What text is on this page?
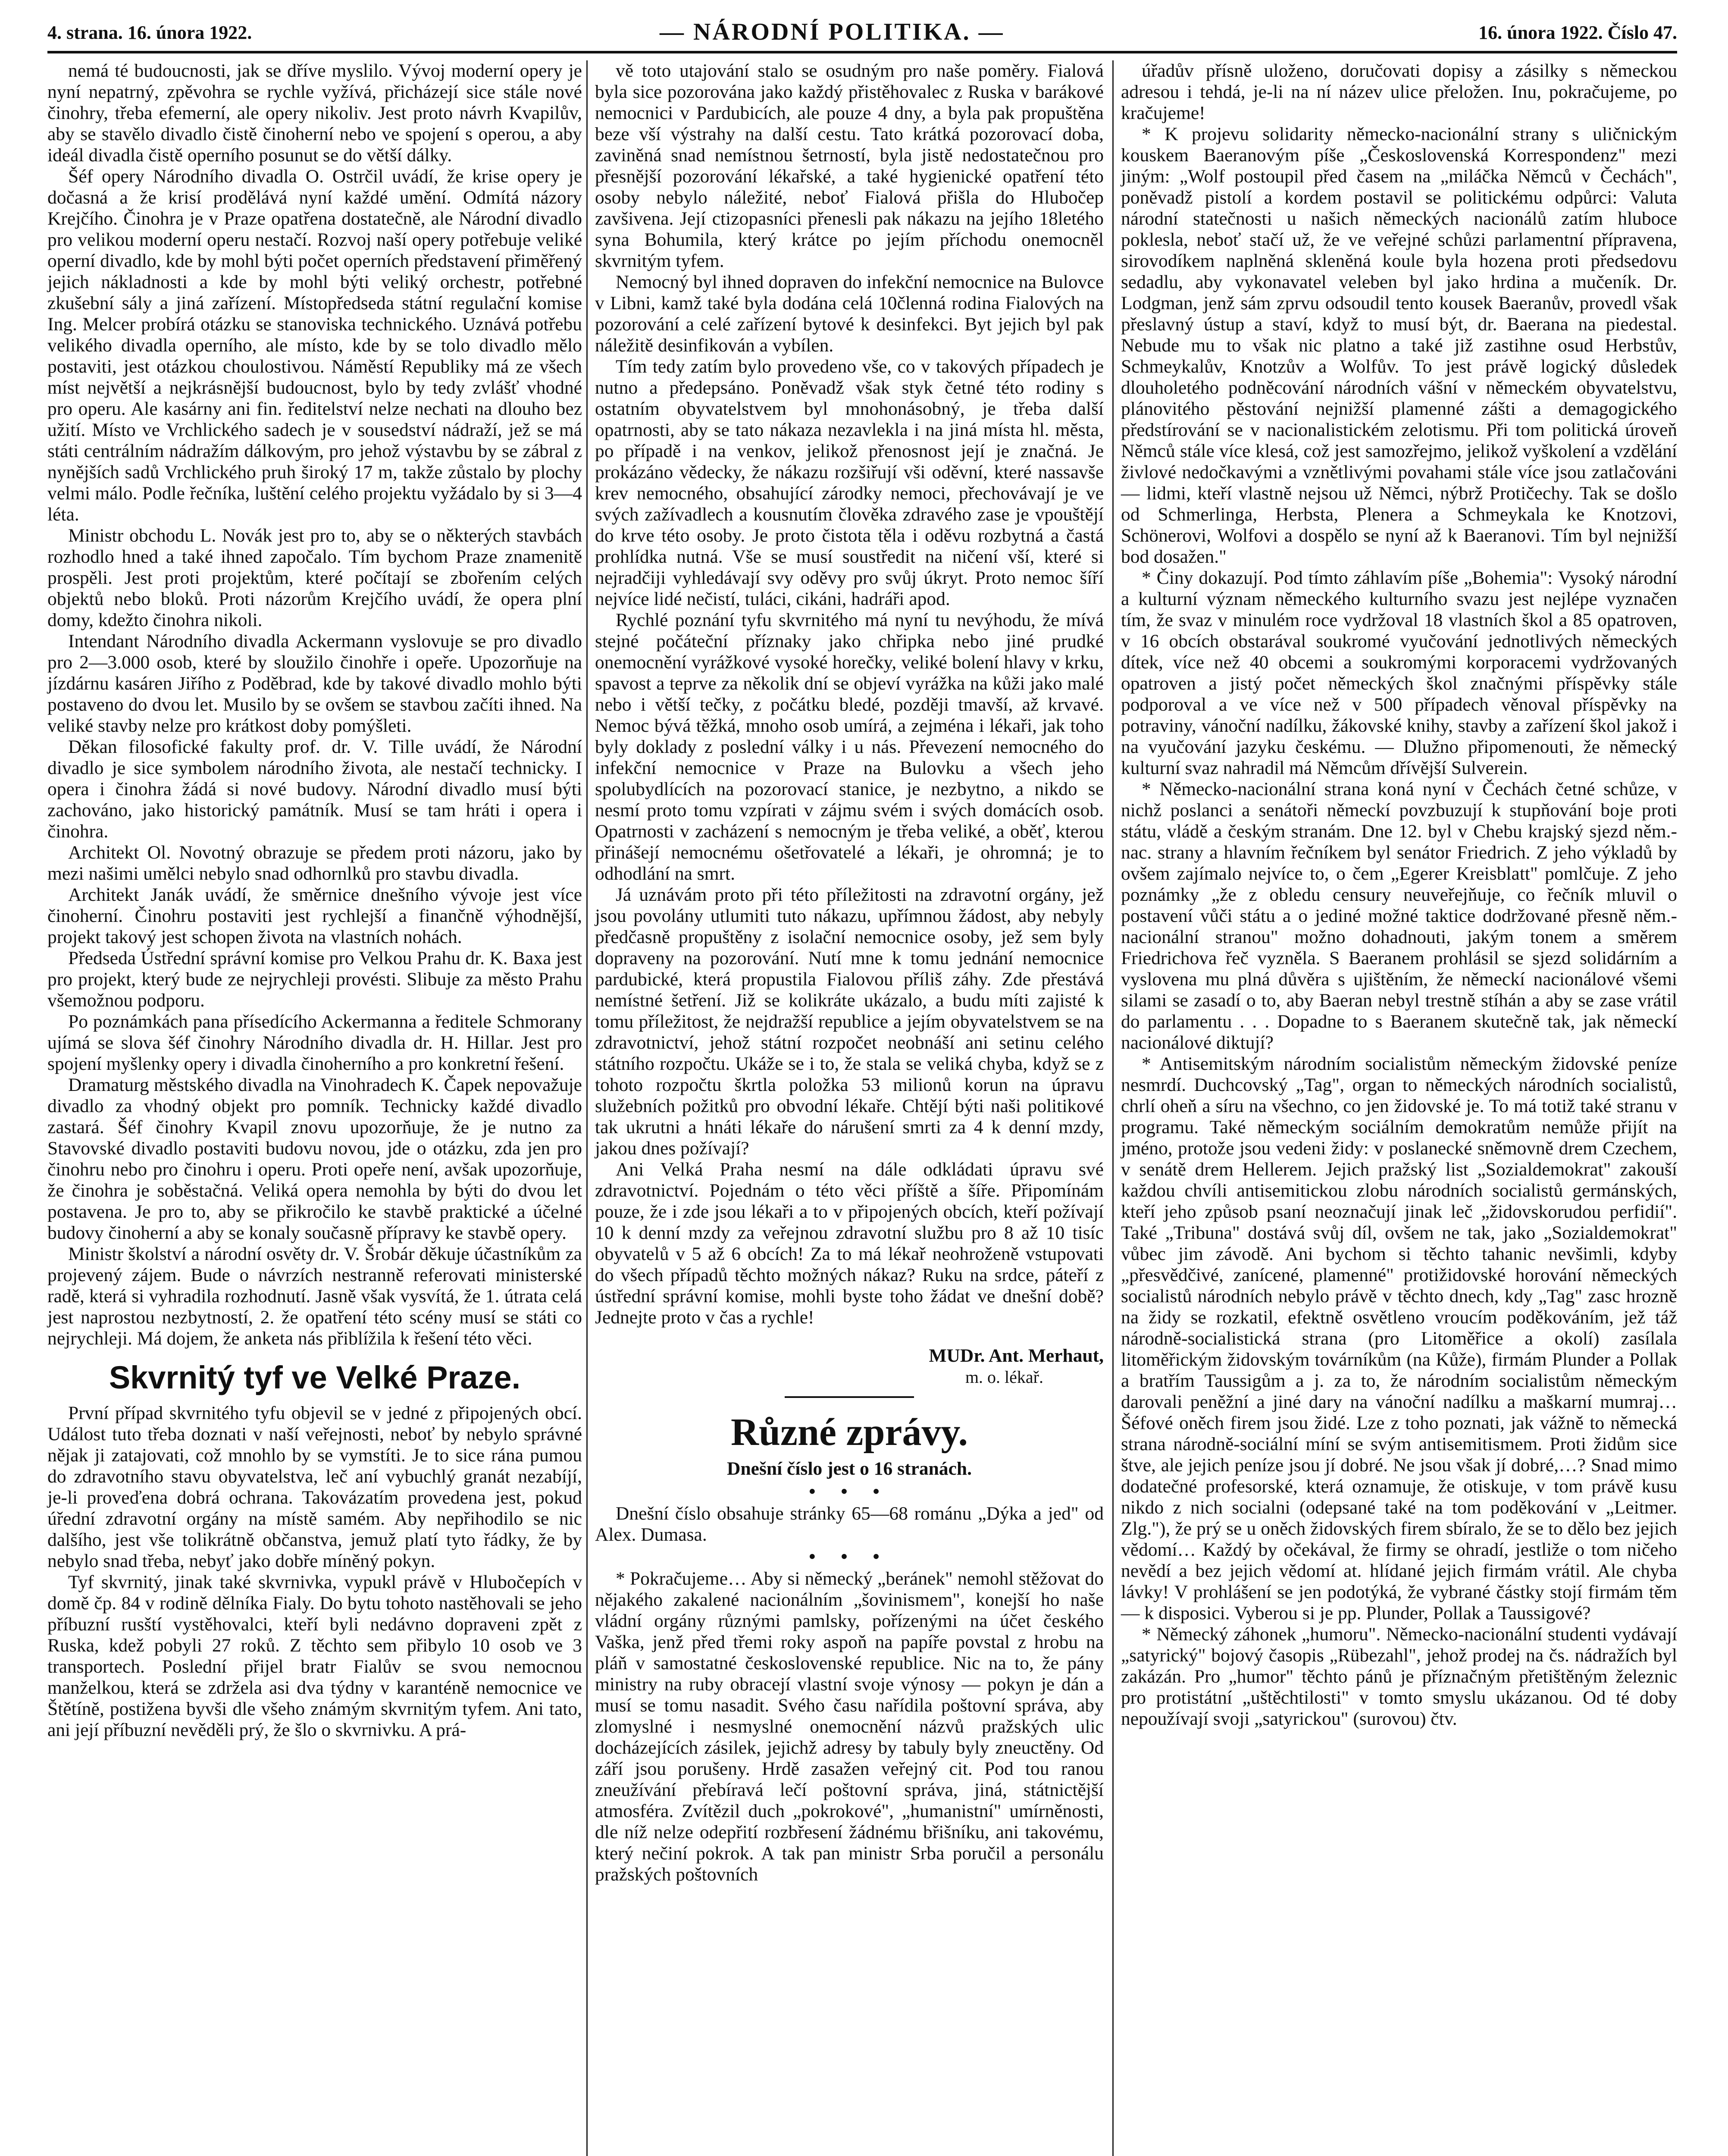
4. strana. 16. února 1922.	— NÁRODNÍ POLITIKA. —	16. února 1922. Číslo 47.

nemá té budoucnosti, jak se dříve myslilo. Vývoj moderní opery je nyní nepatrný, zpěvohra se rychle vyžívá, přicházejí sice stále nové činohry, třeba efemerní, ale opery nikoliv. Jest proto návrh Kvapilův, aby se stavělo divadlo čistě činoherní nebo ve spojení s operou, a aby ideál divadla čistě operního posunut se do větší dálky.

Šéf opery Národního divadla O. Ostrčil uvádí, že krise opery je dočasná a že krisí prodělává nyní každé umění. Odmítá názory Krejčího. Činohra je v Praze opatřena dostatečně, ale Národní divadlo pro velikou moderní operu nestačí. Rozvoj naší opery potřebuje veliké operní divadlo, kde by mohl býti počet operních představení přiměřený jejich nákladnosti a kde by mohl býti veliký orchestr, potřebné zkušební sály a jiná zařízení. Místopředseda státní regulační komise Ing. Melcer probírá otázku se stanoviska technického. Uznává potřebu velikého divadla operního, ale místo, kde by se tolo divadlo mělo postaviti, jest otázkou choulostivou. Náměstí Republiky má ze všech míst největší a nejkrásnější budoucnost, bylo by tedy zvlášť vhodné pro operu. Ale kasárny ani fin. ředitelství nelze nechati na dlouho bez užití. Místo ve Vrchlického sadech je v sousedství nádraží, jež se má státi centrálním nádražím dálkovým, pro jehož výstavbu by se zábral z nynějších sadů Vrchlického pruh široký 17 m, takže zůstalo by plochy velmi málo. Podle řečníka, luštění celého projektu vyžádalo by si 3—4 léta.

Ministr obchodu L. Novák jest pro to, aby se o některých stavbách rozhodlo hned a také ihned započalo. Tím bychom Praze znamenitě prospěli. Jest proti projektům, které počítají se zbořením celých objektů nebo bloků. Proti názorům Krejčího uvádí, že opera plní domy, kdežto činohra nikoli.

Intendant Národního divadla Ackermann vyslovuje se pro divadlo pro 2—3.000 osob, které by sloužilo činohře i opeře. Upozorňuje na jízdárnu kasáren Jiřího z Poděbrad, kde by takové divadlo mohlo býti postaveno do dvou let. Musilo by se ovšem se stavbou začíti ihned. Na veliké stavby nelze pro krátkost doby pomýšleti.

Děkan filosofické fakulty prof. dr. V. Tille uvádí, že Národní divadlo je sice symbolem národního života, ale nestačí technicky. I opera i činohra žádá si nové budovy. Národní divadlo musí býti zachováno, jako historický památník. Musí se tam hráti i opera i činohra.

Architekt Ol. Novotný obrazuje se předem proti názoru, jako by mezi našimi umělci nebylo snad odhornlků pro stavbu divadla.

Architekt Janák uvádí, že směrnice dnešního vývoje jest více činoherní. Činohru postaviti jest rychlejší a finančně výhodnější, projekt takový jest schopen života na vlastních nohách.

Předseda Ústřední správní komise pro Velkou Prahu dr. K. Baxa jest pro projekt, který bude ze nejrychleji provésti. Slibuje za město Prahu všemožnou podporu.

Po poznámkách pana přísedícího Ackermanna a ředitele Schmorany ujímá se slova šéf činohry Národního divadla dr. H. Hillar. Jest pro spojení myšlenky opery i divadla činoherního a pro konkretní řešení.

Dramaturg městského divadla na Vinohradech K. Čapek nepovažuje divadlo za vhodný objekt pro pomník. Technicky každé divadlo zastará. Šéf činohry Kvapil znovu upozorňuje, že je nutno za Stavovské divadlo postaviti budovu novou, jde o otázku, zda jen pro činohru nebo pro činohru i operu. Proti opeře není, avšak upozorňuje, že činohra je soběstačná. Veliká opera nemohla by býti do dvou let postavena. Je pro to, aby se přikročilo ke stavbě praktické a účelné budovy činoherní a aby se konaly současně přípravy ke stavbě opery.

Ministr školství a národní osvěty dr. V. Šrobár děkuje účastníkům za projevený zájem. Bude o návrzích nestranně referovati ministerské radě, která si vyhradila rozhodnutí. Jasně však vysvítá, že 1. útrata celá jest naprostou nezbytností, 2. že opatření této scény musí se státi co nejrychleji. Má dojem, že anketa nás přiblížila k řešení této věci.

Skvrnitý tyf ve Velké Praze.

První případ skvrnitého tyfu objevil se v jedné z připojených obcí. Událost tuto třeba doznati v naší veřejnosti, neboť by nebylo správné nějak ji zatajovati, což mnohlo by se vymstíti. Je to sice rána pumou do zdravotního stavu obyvatelstva, leč aní vybuchlý granát nezabíjí, je-li proveďena dobrá ochrana. Takovázatím provedena jest, pokud úřední zdravotní orgány na místě samém. Aby nepřihodilo se nic dalšího, jest vše tolikrátně občanstva, jemuž platí tyto řádky, že by nebylo snad třeba, nebyť jako dobře míněný pokyn.

Tyf skvrnitý, jinak také skvrnivka, vypukl právě v Hlubočepích v domě čp. 84 v rodině dělníka Fialy. Do bytu tohoto nastěhovali se jeho příbuzní rusští vystěhovalci, kteří byli nedávno dopraveni zpět z Ruska, kdež pobyli 27 roků. Z těchto sem přibylo 10 osob ve 3 transportech. Poslední přijel bratr Fialův se svou nemocnou manželkou, která se zdržela asi dva týdny v karanténě nemocnice ve Štětíně, postižena byvši dle všeho známým skvrnitým tyfem. Ani tato, ani její příbuzní nevěděli prý, že šlo o skvrnivku. A prá-

vě toto utajování stalo se osudným pro naše poměry. Fialová byla sice pozorována jako každý přistěhovalec z Ruska v barákové nemocnici v Pardubicích, ale pouze 4 dny, a byla pak propuštěna beze vší výstrahy na další cestu. Tato krátká pozorovací doba, zaviněná snad nemístnou šetrností, byla jistě nedostatečnou pro přesnější pozorování lékařské, a také hygienické opatření této osoby nebylo náležité, neboť Fialová přišla do Hlubočep zavšivena. Její ctizopasníci přenesli pak nákazu na jejího 18letého syna Bohumila, který krátce po jejím příchodu onemocněl skvrnitým tyfem.

Nemocný byl ihned dopraven do infekční nemocnice na Bulovce v Libni, kamž také byla dodána celá 10členná rodina Fialových na pozorování a celé zařízení bytové k desinfekci. Byt jejich byl pak náležitě desinfikován a vybílen.

Tím tedy zatím bylo provedeno vše, co v takových případech je nutno a předepsáno. Poněvadž však styk četné této rodiny s ostatním obyvatelstvem byl mnohonásobný, je třeba další opatrnosti, aby se tato nákaza nezavlekla i na jiná místa hl. města, po případě i na venkov, jelikož přenosnost její je značná. Je prokázáno vědecky, že nákazu rozšiřují vši oděvní, které nassavše krev nemocného, obsahující zárodky nemoci, přechovávají je ve svých zažívadlech a kousnutím člověka zdravého zase je vpouštějí do krve této osoby. Je proto čistota těla i oděvu rozbytná a častá prohlídka nutná. Vše se musí soustředit na ničení vší, které si nejradčiji vyhledávají svy oděvy pro svůj úkryt. Proto nemoc šíří nejvíce lidé nečistí, tuláci, cikáni, hadráři apod.

Rychlé poznání tyfu skvrnitého má nyní tu nevýhodu, že mívá stejné počáteční příznaky jako chřipka nebo jiné prudké onemocnění vyrážkové vysoké horečky, veliké bolení hlavy v krku, spavost a teprve za několik dní se objeví vyrážka na kůži jako malé nebo i větší tečky, z počátku bledé, později tmavší, až krvavé. Nemoc bývá těžká, mnoho osob umírá, a zejména i lékaři, jak toho byly doklady z poslední války i u nás. Převezení nemocného do infekční nemocnice v Praze na Bulovku a všech jeho spolubydlících na pozorovací stanice, je nezbytno, a nikdo se nesmí proto tomu vzpírati v zájmu svém i svých domácích osob. Opatrnosti v zacházení s nemocným je třeba veliké, a oběť, kterou přinášejí nemocnému ošetřovatelé a lékaři, je ohromná; je to odhodlání na smrt.

Já uznávám proto při této příležitosti na zdravotní orgány, jež jsou povolány utlumiti tuto nákazu, upřímnou žádost, aby nebyly předčasně propuštěny z isolační nemocnice osoby, jež sem byly dopraveny na pozorování. Nutí mne k tomu jednání nemocnice pardubické, která propustila Fialovou příliš záhy. Zde přestává nemístné šetření. Již se kolikráte ukázalo, a budu míti zajisté k tomu příležitost, že nejdražší republice a jejím obyvatelstvem se na zdravotnictví, jehož státní rozpočet neobnáší ani setinu celého státního rozpočtu. Ukáže se i to, že stala se veliká chyba, když se z tohoto rozpočtu škrtla položka 53 milionů korun na úpravu služebních požitků pro obvodní lékaře. Chtějí býti naši politikové tak ukrutni a hnáti lékaře do nárušení smrti za 4 k denní mzdy, jakou dnes požívají?

Ani Velká Praha nesmí na dále odkládati úpravu své zdravotnictví. Pojednám o této věci příště a šíře. Připomínám pouze, že i zde jsou lékaři a to v připojených obcích, kteří požívají 10 k denní mzdy za veřejnou zdravotní službu pro 8 až 10 tisíc obyvatelů v 5 až 6 obcích! Za to má lékař neohroženě vstupovati do všech případů těchto možných nákaz? Ruku na srdce, páteří z ústřední správní komise, mohli byste toho žádat ve dnešní době? Jednejte proto v čas a rychle!

MUDr. Ant. Merhaut,
m. o. lékař.
Různé zprávy.
Dnešní číslo jest o 16 stranách.
• • •

Dnešní číslo obsahuje stránky 65—68 románu „Dýka a jed" od Alex. Dumasa.

• • •

* Pokračujeme… Aby si německý „beránek" nemohl stěžovat do nějakého zakalené nacionálním „šovinismem", konejší ho naše vládní orgány různými pamlsky, pořízenými na účet českého Vaška, jenž před třemi roky aspoň na papíře povstal z hrobu na pláň v samostatné československé republice. Nic na to, že pány ministry na ruby obracejí vlastní svoje výnosy — pokyn je dán a musí se tomu nasadit. Svého času nařídila poštovní správa, aby zlomyslné i nesmyslné onemocnění názvů pražských ulic docházejících zásilek, jejichž adresy by tabuly byly zneuctěny. Od září jsou porušeny. Hrdě zasažen veřejný cit. Pod tou ranou zneužívání přebíravá lečí poštovní správa, jiná, státnictější atmosféra. Zvítězil duch „pokrokové", „humanistní" umírněnosti, dle níž nelze odepřití rozbřesení žádnému břišníku, ani takovému, který nečiní pokrok. A tak pan ministr Srba poručil a personálu pražských poštovních

úřadův přísně uloženo, doručovati dopisy a zásilky s německou adresou i tehdá, je-li na ní název ulice přeložen. Inu, pokračujeme, po kračujeme!

* K projevu solidarity německo-nacionální strany s uličnickým kouskem Baeranovým píše „Československá Korrespondenz" mezi jiným: „Wolf postoupil před časem na „miláčka Němců v Čechách", poněvadž pistolí a kordem postavil se politickému odpůrci: Valuta národní statečnosti u našich německých nacionálů zatím hluboce poklesla, neboť stačí už, že ve veřejné schůzi parlamentní přípravena, sirovodíkem naplněná skleněná koule byla hozena proti předsedovu sedadlu, aby vykonavatel veleben byl jako hrdina a mučeník. Dr. Lodgman, jenž sám zprvu odsoudil tento kousek Baeranův, provedl však přeslavný ústup a staví, když to musí být, dr. Baerana na piedestal. Nebude mu to však nic platno a také již zastihne osud Herbstův, Schmeykalův, Knotzův a Wolfův. To jest právě logický důsledek dlouholetého podněcování národních vášní v německém obyvatelstvu, plánovitého pěstování nejnižší plamenné zášti a demagogického předstírování se v nacionalistickém zelotismu. Při tom politická úroveň Němců stále více klesá, což jest samozřejmo, jelikož vyškolení a vzdělání živlové nedočkavými a vznětlivými povahami stále více jsou zatlačováni — lidmi, kteří vlastně nejsou už Němci, nýbrž Protičechy. Tak se došlo od Schmerlinga, Herbsta, Plenera a Schmeykala ke Knotzovi, Schönerovi, Wolfovi a dospělo se nyní až k Baeranovi. Tím byl nejnižší bod dosažen."

* Činy dokazují. Pod tímto záhlavím píše „Bohemia": Vysoký národní a kulturní význam německého kulturního svazu jest nejlépe vyznačen tím, že svaz v minulém roce vydržoval 18 vlastních škol a 85 opatroven, v 16 obcích obstarával soukromé vyučování jednotlivých německých dítek, více než 40 obcemi a soukromými korporacemi vydržovaných opatroven a jistý počet německých škol značnými příspěvky stále podporoval a ve více než v 500 případech věnoval příspěvky na potraviny, vánoční nadílku, žákovské knihy, stavby a zařízení škol jakož i na vyučování jazyku českému. — Dlužno připomenouti, že německý kulturní svaz nahradil má Němcům dřívější Sulverein.

* Německo-nacionální strana koná nyní v Čechách četné schůze, v nichž poslanci a senátoři německí povzbuzují k stupňování boje proti státu, vládě a českým stranám. Dne 12. byl v Chebu krajský sjezd něm.-nac. strany a hlavním řečníkem byl senátor Friedrich. Z jeho výkladů by ovšem zajímalo nejvíce to, o čem „Egerer Kreisblatt" pomlčuje. Z jeho poznámky „že z obledu censury neuveřejňuje, co řečník mluvil o postavení vůči státu a o jediné možné taktice dodržované přesně něm.-nacionální stranou" možno dohadnouti, jakým tonem a směrem Friedrichova řeč vyzněla. S Baeranem prohlásil se sjezd solidárním a vyslovena mu plná důvěra s ujištěním, že německí nacionálové všemi silami se zasadí o to, aby Baeran nebyl trestně stíhán a aby se zase vrátil do parlamentu . . . Dopadne to s Baeranem skutečně tak, jak německí nacionálové diktují?

* Antisemitským národním socialistům německým židovské peníze nesmrdí. Duchcovský „Tag", organ to německých národních socialistů, chrlí oheň a síru na všechno, co jen židovské je. To má totiž také stranu v programu. Také německým sociálním demokratům nemůže přijít na jméno, protože jsou vedeni židy: v poslanecké sněmovně drem Czechem, v senátě drem Hellerem. Jejich pražský list „Sozialdemokrat" zakouší každou chvíli antisemitickou zlobu národních socialistů germánských, kteří jeho způsob psaní neoznačují jinak leč „židovskorudou perfidií". Také „Tribuna" dostává svůj díl, ovšem ne tak, jako „Sozialdemokrat" vůbec jim závodě. Ani bychom si těchto tahanic nevšimli, kdyby „přesvědčivé, zanícené, plamenné" protižidovské horování německých socialistů národních nebylo právě v těchto dnech, kdy „Tag" zasc hrozně na židy se rozkatil, efektně osvětleno vroucím poděkováním, jež táž národně-socialistická strana (pro Litoměřice a okolí) zasílala litoměřickým židovským továrníkům (na Kůže), firmám Plunder a Pollak a bratřím Taussigům a j. za to, že národním socialistům německým darovali peněžní a jiné dary na vánoční nadílku a maškarní mumraj… Šéfové oněch firem jsou židé. Lze z toho poznati, jak vážně to německá strana národně-sociální míní se svým antisemitismem. Proti židům sice štve, ale jejich peníze jsou jí dobré. Ne jsou však jí dobré,…? Snad mimo dodatečné profesorské, která oznamuje, že otiskuje, v tom právě kusu nikdo z nich socialni (odepsané také na tom poděkování v „Leitmer. Zlg."), že prý se u oněch židovských firem sbíralo, že se to dělo bez jejich vědomí… Každý by očekával, že firmy se ohradí, jestliže o tom ničeho nevědí a bez jejich vědomí at. hlídané jejich firmám vrátil. Ale chyba lávky! V prohlášení se jen podotýká, že vybrané částky stojí firmám těm — k disposici. Vyberou si je pp. Plunder, Pollak a Taussigové?

* Německý záhonek „humoru". Německo-nacionální studenti vydávají „satyrický" bojový časopis „Rübezahl", jehož prodej na čs. nádražích byl zakázán. Pro „humor" těchto pánů je příznačným přetištěným železnic pro protistátní „uštěchtilosti" v tomto smyslu ukázanou. Od té doby nepoužívají svoji „satyrickou" (surovou) čtv.
